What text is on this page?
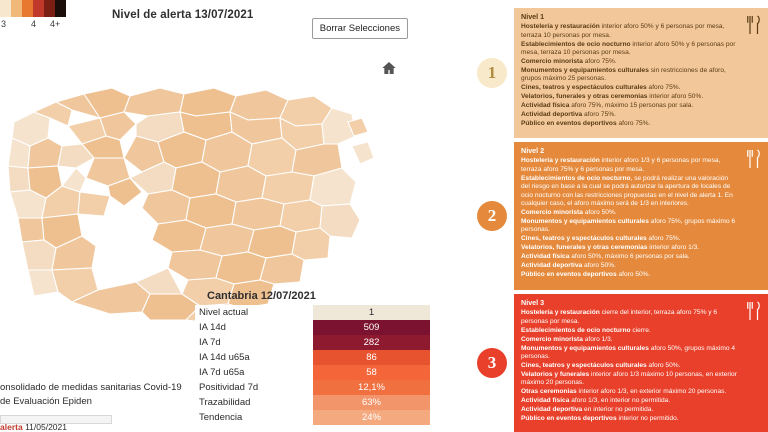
3	4	4+
Nivel de alerta 13/07/2021
Borrar Selecciones
Cantabria 12/07/2021
Nivel actual	1
IA 14d	509
IA 7d	282
IA 14d u65a	86
IA 7d u65a	58
Positividad 7d	12,1%
Trazabilidad	63%
Tendencia	24%
onsolidado de medidas sanitarias Covid-19
de Evaluación Epiden
alerta 11/05/2021
1
Nivel 1

Hostelería y restauración interior aforo 50% y 6 personas por mesa, terraza 10 personas por mesa.

Establecimientos de ocio nocturno interior aforo 50% y 6 personas por mesa, terraza 10 personas por mesa.

Comercio minorista aforo 75%.

Monumentos y equipamientos culturales sin restricciones de aforo, grupos máximo 25 personas.

Cines, teatros y espectáculos culturales aforo 75%.

Velatorios, funerales y otras ceremonias interior aforo 50%.

Actividad física aforo 75%, máximo 15 personas por sala.

Actividad deportiva aforo 75%.

Público en eventos deportivos aforo 75%.

2
Nivel 2

Hostelería y restauración interior aforo 1/3 y 6 personas por mesa, terraza aforo 75% y 6 personas por mesa.

Establecimientos de ocio nocturno, se podrá realizar una valoración del riesgo en base a la cual se podrá autorizar la apertura de locales de ocio nocturno con las restricciones propuestas en el nivel de alerta 1. En cualquier caso, el aforo máximo será de 1/3 en interiores.

Comercio minorista aforo 50%.

Monumentos y equipamientos culturales aforo 75%, grupos máximo 6 personas.

Cines, teatros y espectáculos culturales aforo 75%.

Velatorios, funerales y otras ceremonias interior aforo 1/3.

Actividad física aforo 50%, máximo 6 personas por sala.

Actividad deportiva aforo 50%.

Público en eventos deportivos aforo 50%.

3
Nivel 3

Hostelería y restauración cierre del interior, terraza aforo 75% y 6 personas por mesa.

Establecimientos de ocio nocturno cierre.

Comercio minorista aforo 1/3.

Monumentos y equipamientos culturales aforo 50%, grupos máximo 4 personas.

Cines, teatros y espectáculos culturales aforo 50%.

Velatorios y funerales interior aforo 1/3 máximo 10 personas, en exterior máximo 20 personas.

Otras ceremonias interior aforo 1/3, en exterior máximo 20 personas.

Actividad física aforo 1/3, en interior no permitida.

Actividad deportiva en interior no permitida.

Público en eventos deportivos interior no permitido.
